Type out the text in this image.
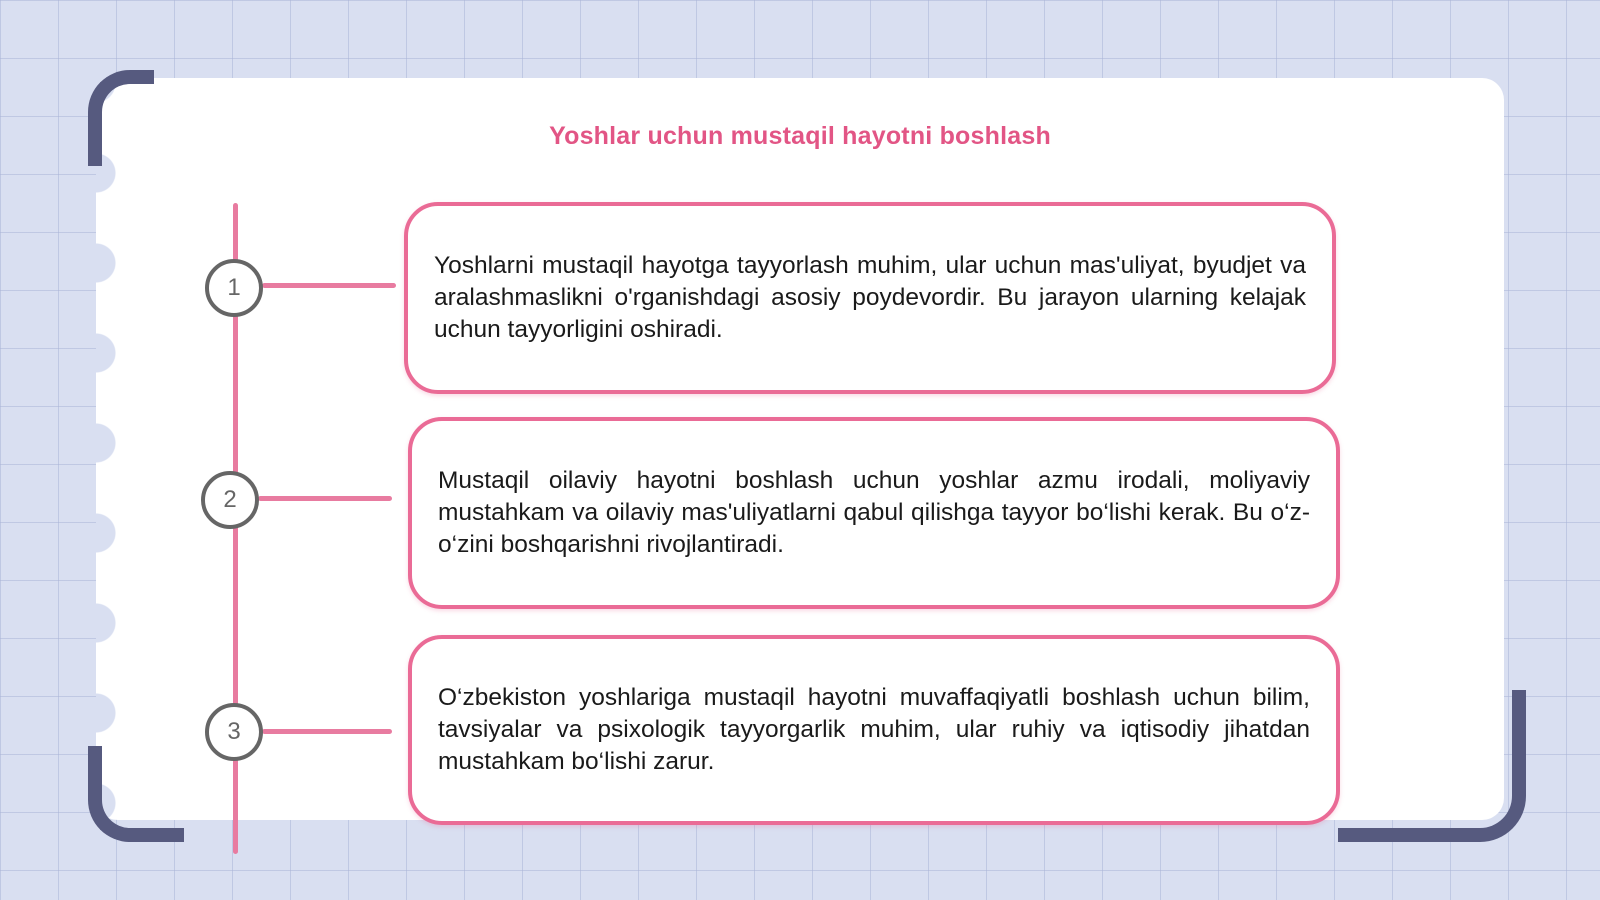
Yoshlar uchun mustaqil hayotni boshlash
1

Yoshlarni mustaqil hayotga tayyorlash muhim, ular uchun mas'uliyat, byudjet va aralashmaslikni o'rganishdagi asosiy poydevordir. Bu jarayon ularning kelajak uchun tayyorligini oshiradi.

2

Mustaqil oilaviy hayotni boshlash uchun yoshlar azmu irodali, moliyaviy mustahkam va oilaviy mas'uliyatlarni qabul qilishga tayyor bo‘lishi kerak. Bu o‘z-o‘zini boshqarishni rivojlantiradi.

3

O‘zbekiston yoshlariga mustaqil hayotni muvaffaqiyatli boshlash uchun bilim, tavsiyalar va psixologik tayyorgarlik muhim, ular ruhiy va iqtisodiy jihatdan mustahkam bo‘lishi zarur.
